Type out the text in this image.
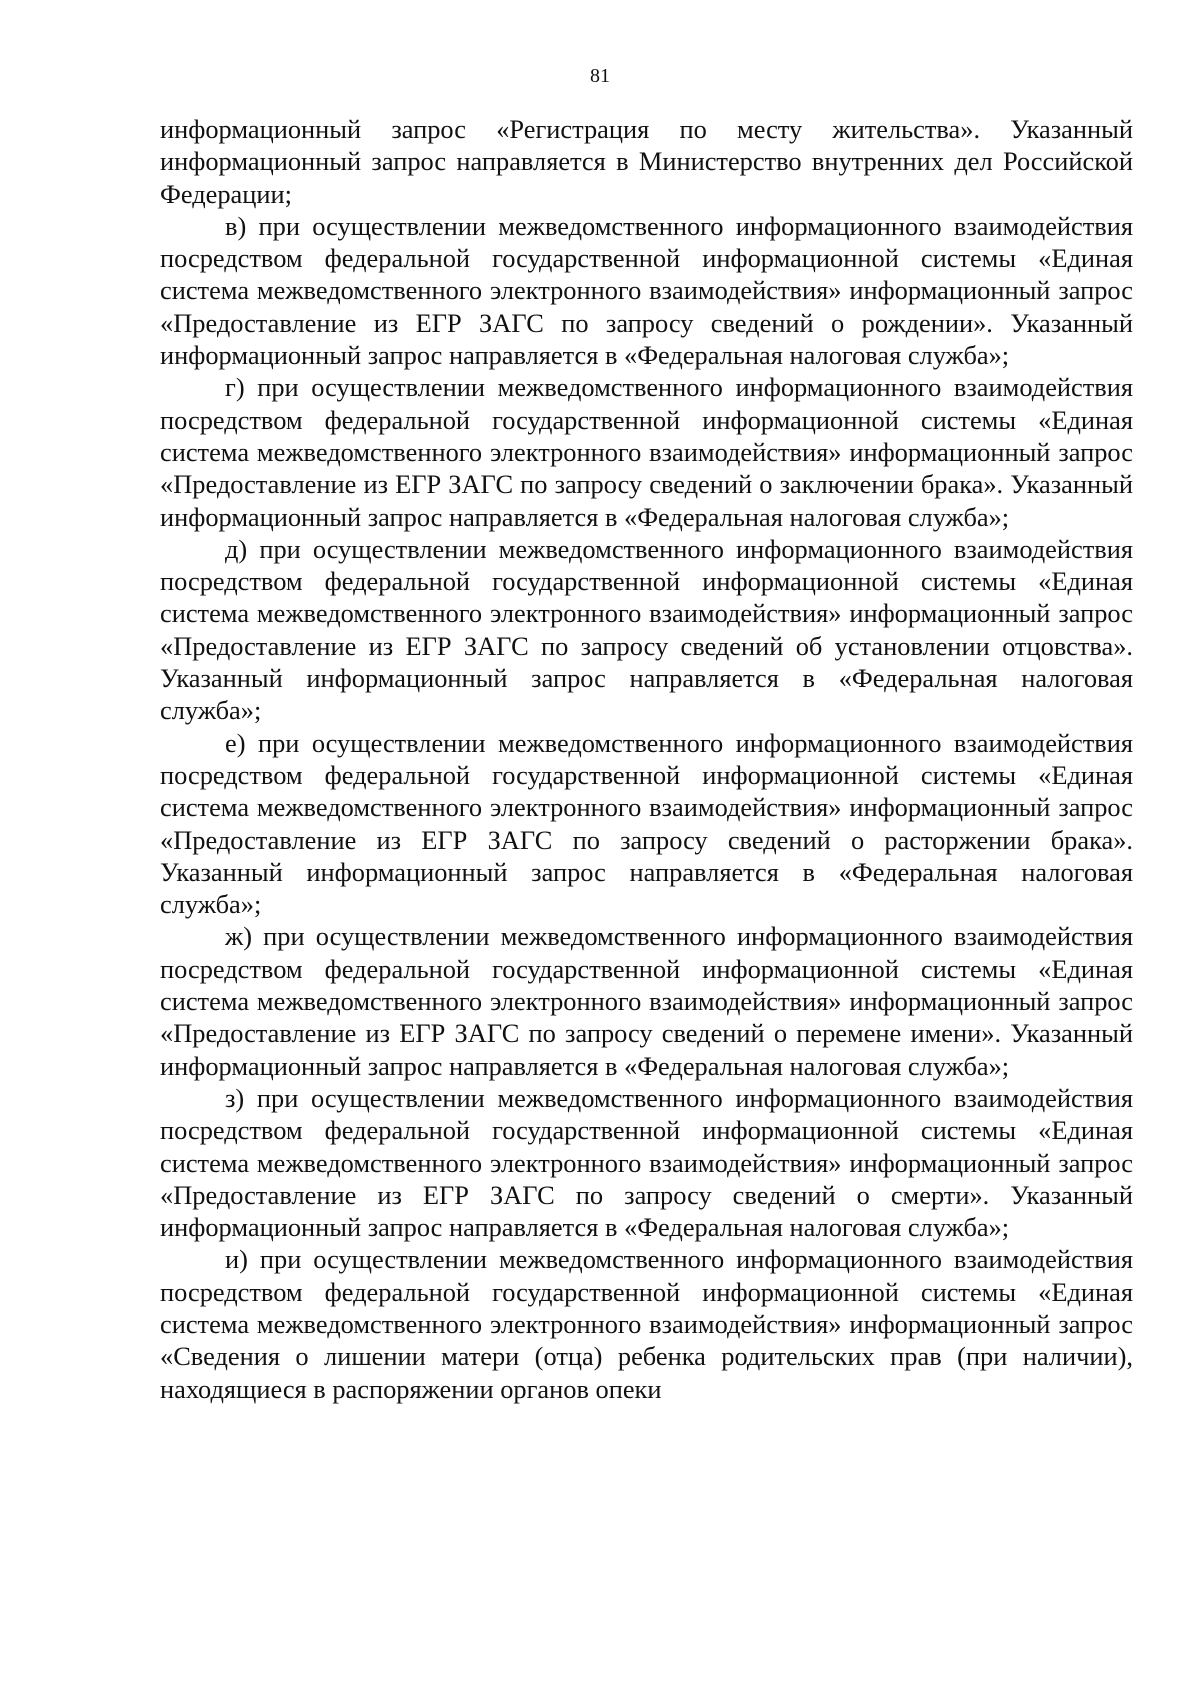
81

информационный запрос «Регистрация по месту жительства». Указанный информационный запрос направляется в Министерство внутренних дел Российской Федерации;

в) при осуществлении межведомственного информационного взаимодействия посредством федеральной государственной информационной системы «Единая система межведомственного электронного взаимодействия» информационный запрос «Предоставление из ЕГР ЗАГС по запросу сведений о рождении». Указанный информационный запрос направляется в «Федеральная налоговая служба»;

г) при осуществлении межведомственного информационного взаимодействия посредством федеральной государственной информационной системы «Единая система межведомственного электронного взаимодействия» информационный запрос «Предоставление из ЕГР ЗАГС по запросу сведений о заключении брака». Указанный информационный запрос направляется в «Федеральная налоговая служба»;

д) при осуществлении межведомственного информационного взаимодействия посредством федеральной государственной информационной системы «Единая система межведомственного электронного взаимодействия» информационный запрос «Предоставление из ЕГР ЗАГС по запросу сведений об установлении отцовства». Указанный информационный запрос направляется в «Федеральная налоговая служба»;

е) при осуществлении межведомственного информационного взаимодействия посредством федеральной государственной информационной системы «Единая система межведомственного электронного взаимодействия» информационный запрос «Предоставление из ЕГР ЗАГС по запросу сведений о расторжении брака». Указанный информационный запрос направляется в «Федеральная налоговая служба»;

ж) при осуществлении межведомственного информационного взаимодействия посредством федеральной государственной информационной системы «Единая система межведомственного электронного взаимодействия» информационный запрос «Предоставление из ЕГР ЗАГС по запросу сведений о перемене имени». Указанный информационный запрос направляется в «Федеральная налоговая служба»;

з) при осуществлении межведомственного информационного взаимодействия посредством федеральной государственной информационной системы «Единая система межведомственного электронного взаимодействия» информационный запрос «Предоставление из ЕГР ЗАГС по запросу сведений о смерти». Указанный информационный запрос направляется в «Федеральная налоговая служба»;

и) при осуществлении межведомственного информационного взаимодействия посредством федеральной государственной информационной системы «Единая система межведомственного электронного взаимодействия» информационный запрос «Сведения о лишении матери (отца) ребенка родительских прав (при наличии), находящиеся в распоряжении органов опеки
